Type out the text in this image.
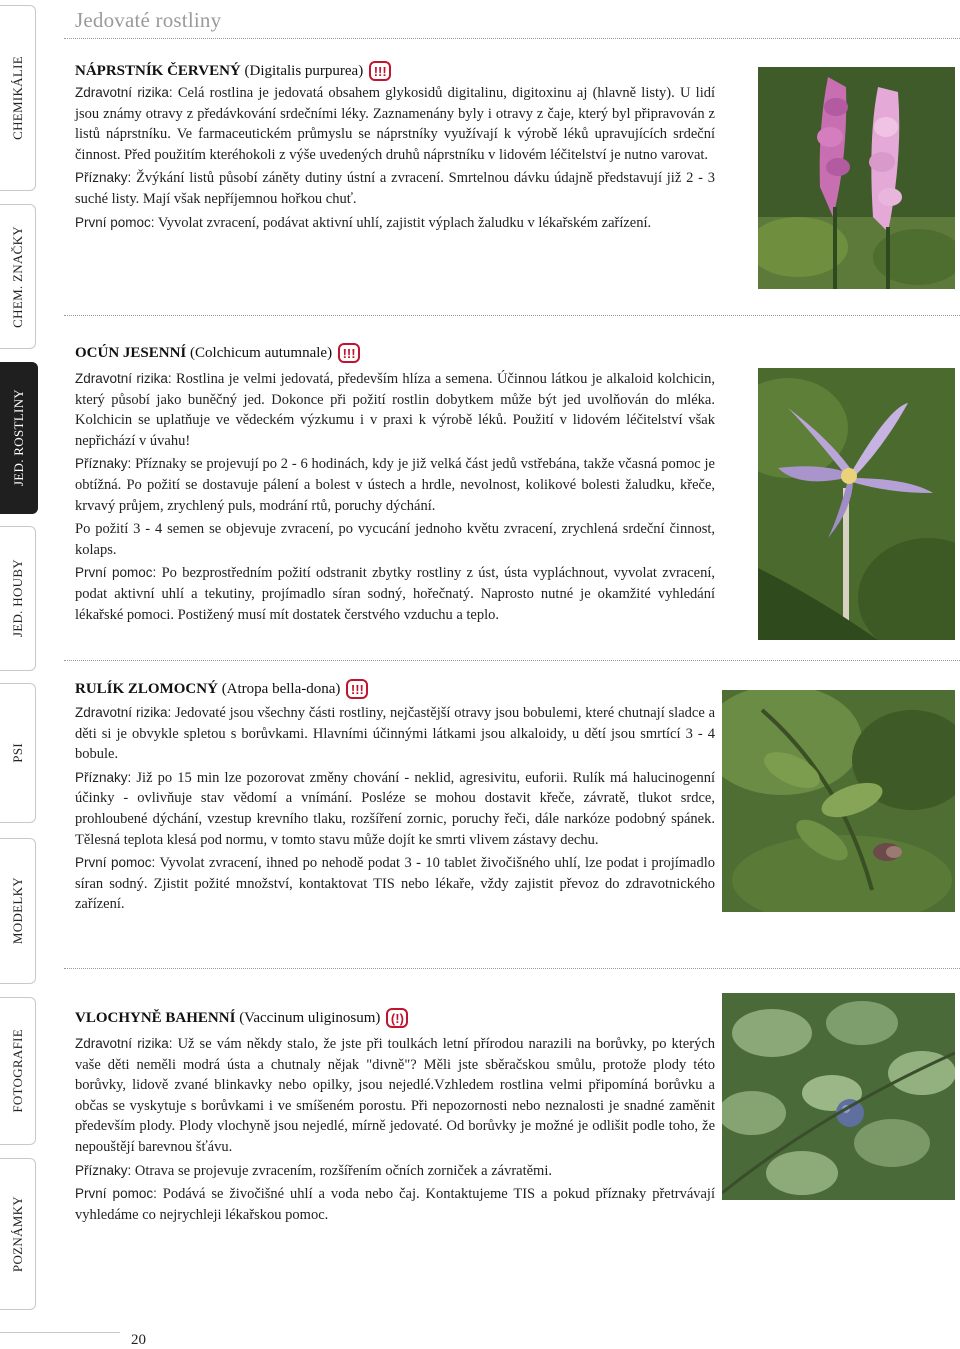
Jedovaté rostliny
CHEMIKÁLIE
CHEM. ZNAČKY
JED. ROSTLINY
JED. HOUBY
PSI
MODELKY
FOTOGRAFIE
POZNÁMKY
NÁPRSTNÍK ČERVENÝ (Digitalis purpurea) !!!

Zdravotní rizika: Celá rostlina je jedovatá obsahem glykosidů digitalinu, digitoxinu aj (hlavně listy). U lidí jsou známy otravy z předávkování srdečními léky. Zaznamenány byly i otravy z čaje, který byl připravován z listů náprstníku. Ve farmaceutickém průmyslu se náprstníky využívají k výrobě léků upravujících srdeční činnost. Před použitím kteréhokoli z výše uvedených druhů náprstníku v lidovém léčitelství je nutno varovat.

Příznaky: Žvýkání listů působí záněty dutiny ústní a zvracení. Smrtelnou dávku údajně představují již 2 - 3 suché listy. Mají však nepříjemnou hořkou chuť.

První pomoc: Vyvolat zvracení, podávat aktivní uhlí, zajistit výplach žaludku v lékařském zařízení.

OCÚN JESENNÍ (Colchicum autumnale) !!!

Zdravotní rizika: Rostlina je velmi jedovatá, především hlíza a semena. Účinnou látkou je alkaloid kolchicin, který působí jako buněčný jed. Dokonce při požití rostlin dobytkem může být jed uvolňován do mléka. Kolchicin se uplatňuje ve vědeckém výzkumu i v praxi k výrobě léků. Použití v lidovém léčitelství však nepřichází v úvahu!

Příznaky: Příznaky se projevují po 2 - 6 hodinách, kdy je již velká část jedů vstřebána, takže včasná pomoc je obtížná. Po požití se dostavuje pálení a bolest v ústech a hrdle, nevolnost, kolikové bolesti žaludku, křeče, krvavý průjem, zrychlený puls, modrání rtů, poruchy dýchání.

Po požití 3 - 4 semen se objevuje zvracení, po vycucání jednoho květu zvracení, zrychlená srdeční činnost, kolaps.

První pomoc: Po bezprostředním požití odstranit zbytky rostliny z úst, ústa vypláchnout, vyvolat zvracení, podat aktivní uhlí a tekutiny, projímadlo síran sodný, hořečnatý. Naprosto nutné je okamžité vyhledání lékařské pomoci. Postižený musí mít dostatek čerstvého vzduchu a teplo.

RULÍK ZLOMOCNÝ (Atropa bella-dona) !!!

Zdravotní rizika: Jedovaté jsou všechny části rostliny, nejčastější otravy jsou bobulemi, které chutnají sladce a děti si je obvykle spletou s borůvkami. Hlavními účinnými látkami jsou alkaloidy, u dětí jsou smrtící 3 - 4 bobule.

Příznaky: Již po 15 min lze pozorovat změny chování - neklid, agresivitu, euforii. Rulík má halucinogenní účinky - ovlivňuje stav vědomí a vnímání. Posléze se mohou dostavit křeče, závratě, tlukot srdce, prohloubené dýchání, vzestup krevního tlaku, rozšíření zornic, poruchy řeči, dále narkóze podobný spánek. Tělesná teplota klesá pod normu, v tomto stavu může dojít ke smrti vlivem zástavy dechu.

První pomoc: Vyvolat zvracení, ihned po nehodě podat 3 - 10 tablet živočišného uhlí, lze podat i projímadlo síran sodný. Zjistit požité množství, kontaktovat TIS nebo lékaře, vždy zajistit převoz do zdravotnického zařízení.

VLOCHYNĚ BAHENNÍ (Vaccinum uliginosum) (!)

Zdravotní rizika: Už se vám někdy stalo, že jste při toulkách letní přírodou narazili na borůvky, po kterých vaše děti neměli modrá ústa a chutnaly nějak "divně"? Měli jste sběračskou smůlu, protože plody této borůvky, lidově zvané blinkavky nebo opilky, jsou nejedlé.Vzhledem rostlina velmi připomíná borůvku a občas se vyskytuje s borůvkami i ve smíšeném porostu. Při nepozornosti nebo neznalosti je snadné zaměnit především plody. Plody vlochyně jsou nejedlé, mírně jedovaté. Od borůvky je možné je odlišit podle toho, že nepouštějí barevnou šťávu.

Příznaky: Otrava se projevuje zvracením, rozšířením očních zorniček a závratěmi.

První pomoc: Podává se živočišné uhlí a voda nebo čaj. Kontaktujeme TIS a pokud příznaky přetrvávají vyhledáme co nejrychleji lékařskou pomoc.

20
